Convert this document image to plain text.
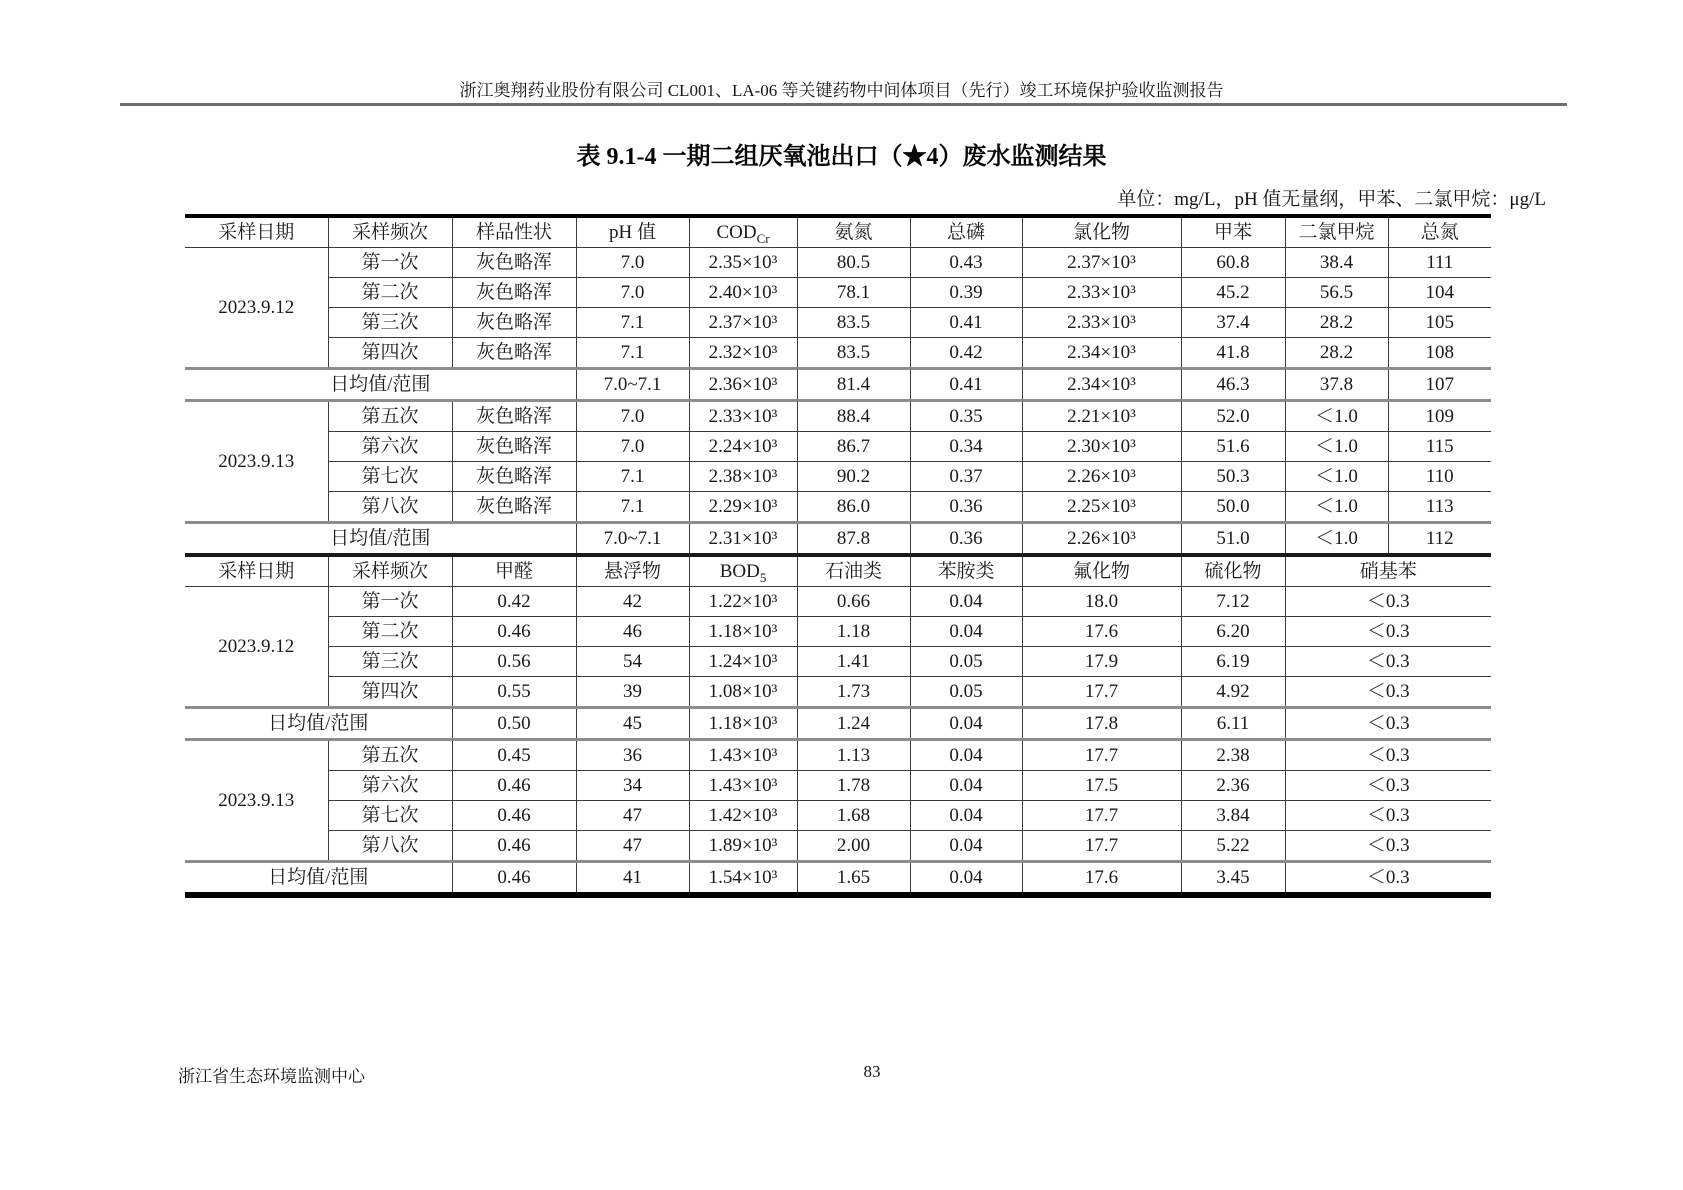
浙江奥翔药业股份有限公司 CL001、LA-06 等关键药物中间体项目（先行）竣工环境保护验收监测报告
表 9.1-4 一期二组厌氧池出口（★4）废水监测结果
单位：mg/L，pH 值无量纲，甲苯、二氯甲烷：μg/L
采样日期	采样频次	样品性状	pH 值	$COD_{Cr}$	氨氮	总磷	氯化物	甲苯	二氯甲烷	总氮
2023.9.12	第一次	灰色略浑	7.0	2.35×10³	80.5	0.43	2.37×10³	60.8	38.4	111
	第二次	灰色略浑	7.0	2.40×10³	78.1	0.39	2.33×10³	45.2	56.5	104
	第三次	灰色略浑	7.1	2.37×10³	83.5	0.41	2.33×10³	37.4	28.2	105
	第四次	灰色略浑	7.1	2.32×10³	83.5	0.42	2.34×10³	41.8	28.2	108
日均值/范围			7.0~7.1	2.36×10³	81.4	0.41	2.34×10³	46.3	37.8	107
2023.9.13	第五次	灰色略浑	7.0	2.33×10³	88.4	0.35	2.21×10³	52.0	＜1.0	109
	第六次	灰色略浑	7.0	2.24×10³	86.7	0.34	2.30×10³	51.6	＜1.0	115
	第七次	灰色略浑	7.1	2.38×10³	90.2	0.37	2.26×10³	50.3	＜1.0	110
	第八次	灰色略浑	7.1	2.29×10³	86.0	0.36	2.25×10³	50.0	＜1.0	113
日均值/范围			7.0~7.1	2.31×10³	87.8	0.36	2.26×10³	51.0	＜1.0	112
采样日期	采样频次	甲醛	悬浮物	$BOD_5$	石油类	苯胺类	氟化物	硫化物	硝基苯	
2023.9.12	第一次	0.42	42	1.22×10³	0.66	0.04	18.0	7.12	＜0.3	
	第二次	0.46	46	1.18×10³	1.18	0.04	17.6	6.20	＜0.3	
	第三次	0.56	54	1.24×10³	1.41	0.05	17.9	6.19	＜0.3	
	第四次	0.55	39	1.08×10³	1.73	0.05	17.7	4.92	＜0.3	
日均值/范围		0.50	45	1.18×10³	1.24	0.04	17.8	6.11	＜0.3	
2023.9.13	第五次	0.45	36	1.43×10³	1.13	0.04	17.7	2.38	＜0.3	
	第六次	0.46	34	1.43×10³	1.78	0.04	17.5	2.36	＜0.3	
	第七次	0.46	47	1.42×10³	1.68	0.04	17.7	3.84	＜0.3	
	第八次	0.46	47	1.89×10³	2.00	0.04	17.7	5.22	＜0.3	
日均值/范围		0.46	41	1.54×10³	1.65	0.04	17.6	3.45	＜0.3	
浙江省生态环境监测中心	83
